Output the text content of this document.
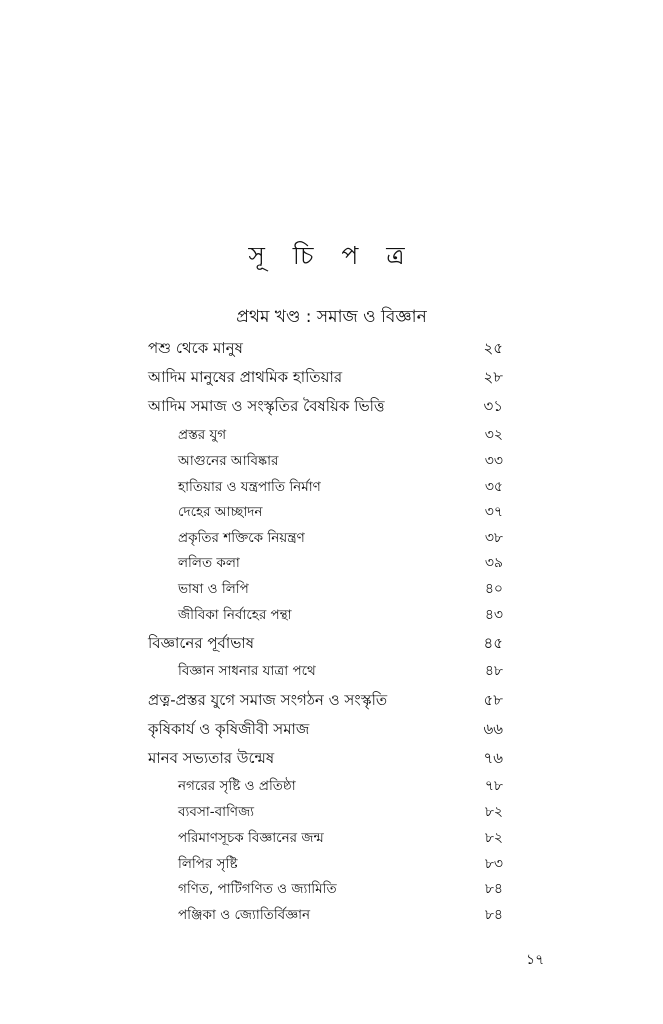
সূ চি প ত্র
প্রথম খণ্ড : সমাজ ও বিজ্ঞান
পশু থেকে মানুষ	২৫
আদিম মানুষের প্রাথমিক হাতিয়ার	২৮
আদিম সমাজ ও সংস্কৃতির বৈষয়িক ভিত্তি	৩১
প্রস্তর যুগ	৩২
আগুনের আবিষ্কার	৩৩
হাতিয়ার ও যন্ত্রপাতি নির্মাণ	৩৫
দেহের আচ্ছাদন	৩৭
প্রকৃতির শক্তিকে নিয়ন্ত্রণ	৩৮
ললিত কলা	৩৯
ভাষা ও লিপি	৪০
জীবিকা নির্বাহের পন্থা	৪৩
বিজ্ঞানের পূর্বাভাষ	৪৫
বিজ্ঞান সাধনার যাত্রা পথে	৪৮
প্রত্ন-প্রস্তর যুগে সমাজ সংগঠন ও সংস্কৃতি	৫৮
কৃষিকার্য ও কৃষিজীবী সমাজ	৬৬
মানব সভ্যতার উন্মেষ	৭৬
নগরের সৃষ্টি ও প্রতিষ্ঠা	৭৮
ব্যবসা-বাণিজ্য	৮২
পরিমাণসূচক বিজ্ঞানের জন্ম	৮২
লিপির সৃষ্টি	৮৩
গণিত, পাটিগণিত ও জ্যামিতি	৮৪
পঞ্জিকা ও জ্যোতির্বিজ্ঞান	৮৪
১৭
